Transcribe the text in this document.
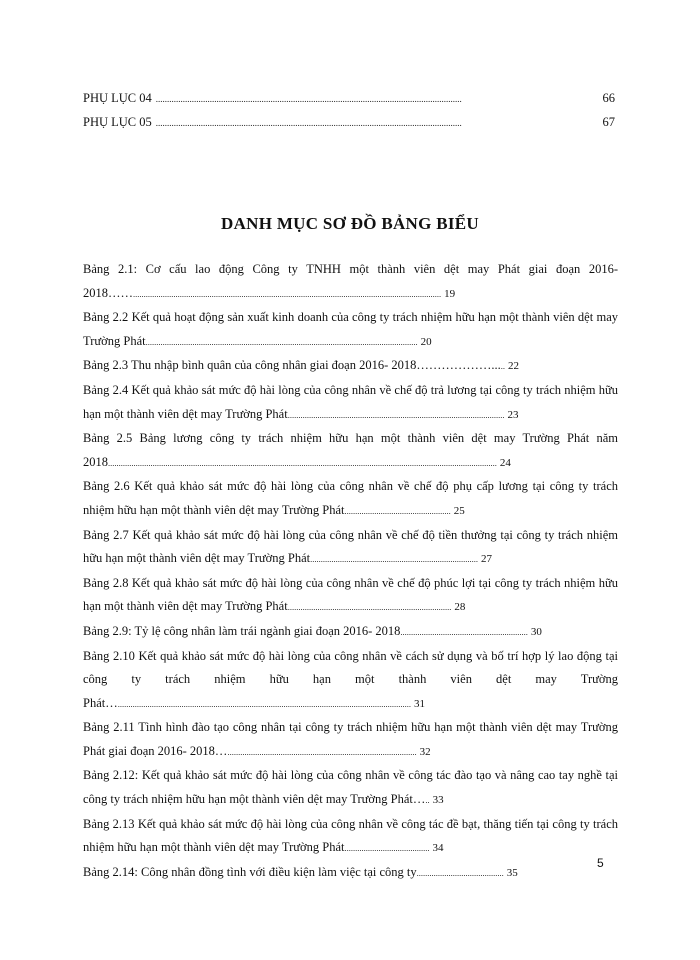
PHỤ LỤC 04 ........................................................................................................................................	66
PHỤ LỤC 05 ........................................................................................................................................	67
DANH MỤC SƠ ĐỒ BẢNG BIỂU

Bảng 2.1: Cơ cấu lao động Công ty TNHH một thành viên dệt may Phát giai đoạn 2016-2018……................................................................................................................................................. 19

Bảng 2.2 Kết quả hoạt động sản xuất kinh doanh của công ty trách nhiệm hữu hạn một thành viên dệt may Trường Phát................................................................................................................................ 20

Bảng 2.3 Thu nhập bình quân của công nhân giai đoạn 2016- 2018………………..... 22

Bảng 2.4 Kết quả khảo sát mức độ hài lòng của công nhân về chế độ trả lương tại công ty trách nhiệm hữu hạn một thành viên dệt may Trường Phát...................................................................................................... 23

Bảng 2.5 Bảng lương công ty trách nhiệm hữu hạn một thành viên dệt may Trường Phát năm 2018....................................................................................................................................................................................... 24

Bảng 2.6 Kết quả khảo sát mức độ hài lòng của công nhân về chế độ phụ cấp lương tại công ty trách nhiệm hữu hạn một thành viên dệt may Trường Phát.................................................. 25

Bảng 2.7 Kết quả khảo sát mức độ hài lòng của công nhân về chế độ tiền thưởng tại công ty trách nhiệm hữu hạn một thành viên dệt may Trường Phát............................................................................... 27

Bảng 2.8 Kết quả khảo sát mức độ hài lòng của công nhân về chế độ phúc lợi tại công ty trách nhiệm hữu hạn một thành viên dệt may Trường Phát............................................................................. 28

Bảng 2.9: Tỷ lệ công nhân làm trái ngành giai đoạn 2016- 2018............................................................ 30

Bảng 2.10 Kết quả khảo sát mức độ hài lòng của công nhân về cách sử dụng và bố trí hợp lý lao động tại công ty trách nhiệm hữu hạn một thành viên dệt may Trường Phát….......................................................................................................................................... 31

Bảng 2.11 Tình hình đào tạo công nhân tại công ty trách nhiệm hữu hạn một thành viên dệt may Trường Phát giai đoạn 2016- 2018…......................................................................................... 32

Bảng 2.12: Kết quả khảo sát mức độ hài lòng của công nhân về công tác đào tạo và nâng cao tay nghề tại công ty trách nhiệm hữu hạn một thành viên dệt may Trường Phát….. 33

Bảng 2.13 Kết quả khảo sát mức độ hài lòng của công nhân về công tác đề bạt, thăng tiến tại công ty trách nhiệm hữu hạn một thành viên dệt may Trường Phát........................................ 34

Bảng 2.14: Công nhân đồng tình với điều kiện làm việc tại công ty......................................... 35

5
